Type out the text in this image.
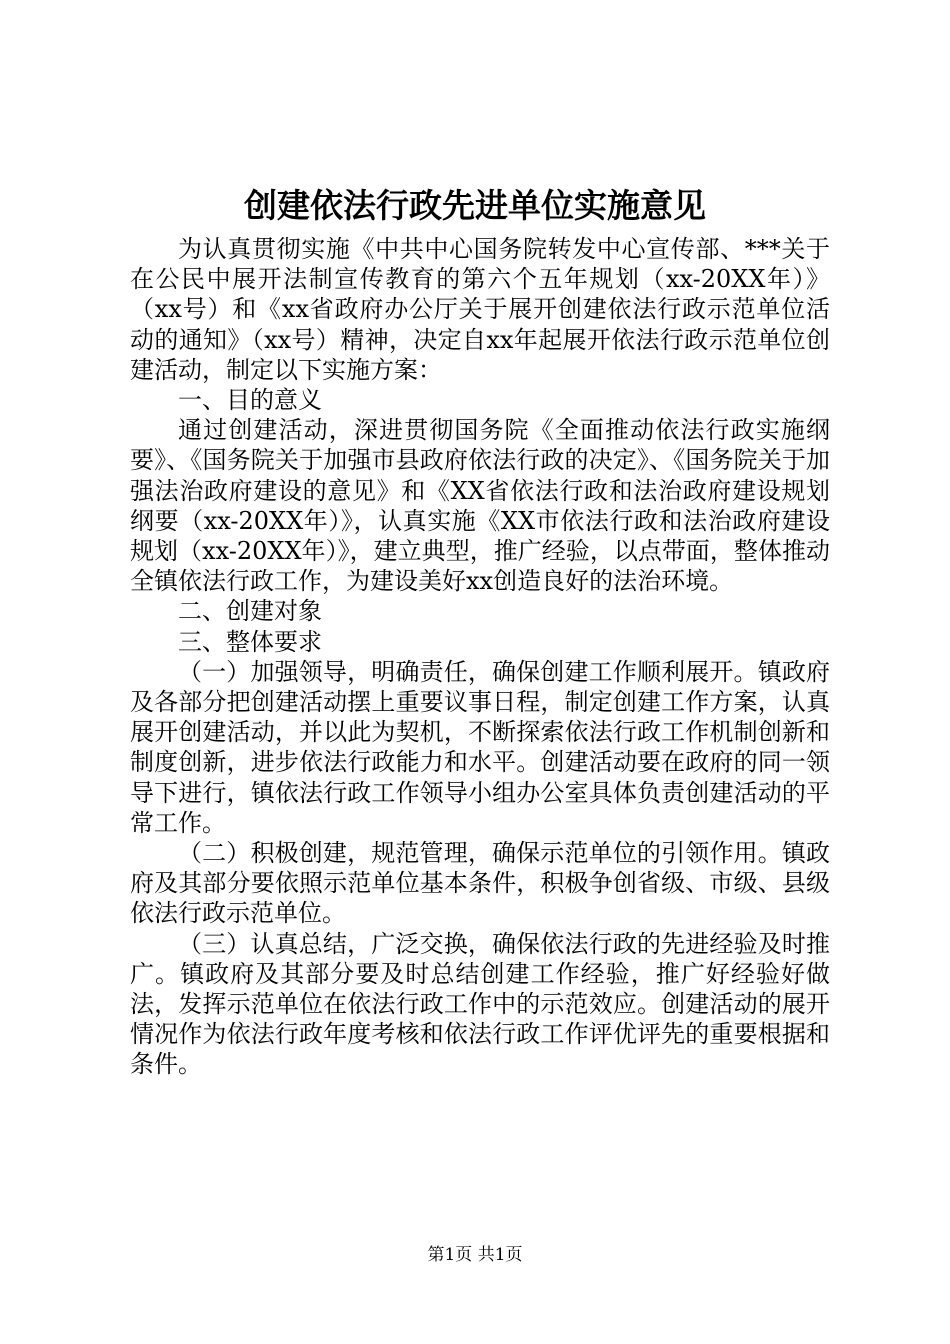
创建依法行政先进单位实施意见

为认真贯彻实施《中共中心国务院转发中心宣传部、***关于在公民中展开法制宣传教育的第六个五年规划（xx-20XX年）》（xx号）和《xx省政府办公厅关于展开创建依法行政示范单位活动的通知》（xx号）精神，决定自xx年起展开依法行政示范单位创建活动，制定以下实施方案：

一、目的意义

通过创建活动，深进贯彻国务院《全面推动依法行政实施纲要》、《国务院关于加强市县政府依法行政的决定》、《国务院关于加强法治政府建设的意见》和《XX省依法行政和法治政府建设规划纲要（xx-20XX年）》，认真实施《XX市依法行政和法治政府建设规划（xx-20XX年）》，建立典型，推广经验，以点带面，整体推动全镇依法行政工作，为建设美好xx创造良好的法治环境。

二、创建对象

三、整体要求

（一）加强领导，明确责任，确保创建工作顺利展开。镇政府及各部分把创建活动摆上重要议事日程，制定创建工作方案，认真展开创建活动，并以此为契机，不断探索依法行政工作机制创新和制度创新，进步依法行政能力和水平。创建活动要在政府的同一领导下进行，镇依法行政工作领导小组办公室具体负责创建活动的平常工作。

（二）积极创建，规范管理，确保示范单位的引领作用。镇政府及其部分要依照示范单位基本条件，积极争创省级、市级、县级依法行政示范单位。

（三）认真总结，广泛交换，确保依法行政的先进经验及时推广。镇政府及其部分要及时总结创建工作经验，推广好经验好做法，发挥示范单位在依法行政工作中的示范效应。创建活动的展开情况作为依法行政年度考核和依法行政工作评优评先的重要根据和条件。

第1页 共1页
